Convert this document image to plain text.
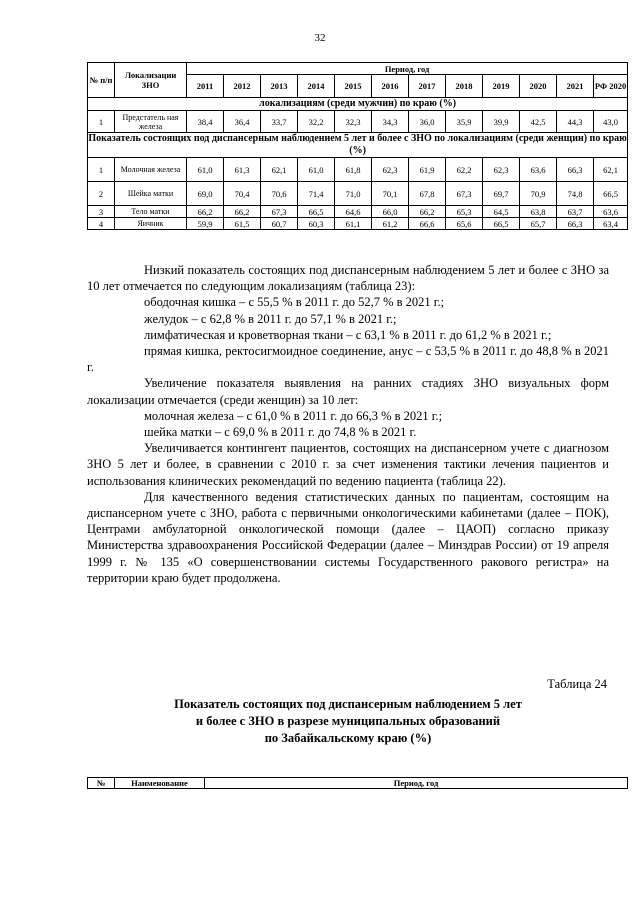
32
№ п/п	Локализации ЗНО	Период, год											
		2011	2012	2013	2014	2015	2016	2017	2018	2019	2020	2021	РФ 2020
локализациям (среди мужчин) по краю (%)													
1	Предстатель ная железа	38,4	36,4	33,7	32,2	32,3	34,3	36,0	35,9	39,9	42,5	44,3	43,0
Показатель состоящих под диспансерным наблюдением 5 лет и более с ЗНО по локализациям (среди женщин) по краю (%)													
1	Молочная железа	61,0	61,3	62,1	61,0	61,8	62,3	61,9	62,2	62,3	63,6	66,3	62,1
2	Шейка матки	69,0	70,4	70,6	71,4	71,0	70,1	67,8	67,3	69,7	70,9	74,8	66,5
3	Тело матки	66,2	66,2	67,3	66,5	64,6	66,0	66,2	65,3	64,5	63,8	63,7	63,6
4	Яичник	59,9	61,5	60,7	60,3	61,1	61,2	66,6	65,6	66,5	65,7	66,3	63,4

Низкий показатель состоящих под диспансерным наблюдением 5 лет и более с ЗНО за 10 лет отмечается по следующим локализациям (таблица 23):

ободочная кишка – с 55,5 % в 2011 г. до 52,7 % в 2021 г.;

желудок – с 62,8 % в 2011 г. до 57,1 % в 2021 г.;

лимфатическая и кроветворная ткани – с 63,1 % в 2011 г. до 61,2 % в 2021 г.;

прямая кишка, ректосигмоидное соединение, анус – с 53,5 % в 2011 г. до 48,8 % в 2021 г.

Увеличение показателя выявления на ранних стадиях ЗНО визуальных форм локализации отмечается (среди женщин) за 10 лет:

молочная железа – с 61,0 % в 2011 г. до 66,3 % в 2021 г.;

шейка матки – с 69,0 % в 2011 г. до 74,8 % в 2021 г.

Увеличивается контингент пациентов, состоящих на диспансерном учете с диагнозом ЗНО 5 лет и более, в сравнении с 2010 г. за счет изменения тактики лечения пациентов и использования клинических рекомендаций по ведению пациента (таблица 22).

Для качественного ведения статистических данных по пациентам, состоящим на диспансерном учете с ЗНО, работа с первичными онкологическими кабинетами (далее – ПОК), Центрами амбулаторной онкологической помощи (далее – ЦАОП) согласно приказу Министерства здравоохранения Российской Федерации (далее – Минздрав России) от 19 апреля 1999 г. № 135 «О совершенствовании системы Государственного ракового регистра» на территории краю будет продолжена.

Таблица 24
Показатель состоящих под диспансерным наблюдением 5 лет
и более с ЗНО в разрезе муниципальных образований
по Забайкальскому краю (%)
№	Наименование	Период, год
